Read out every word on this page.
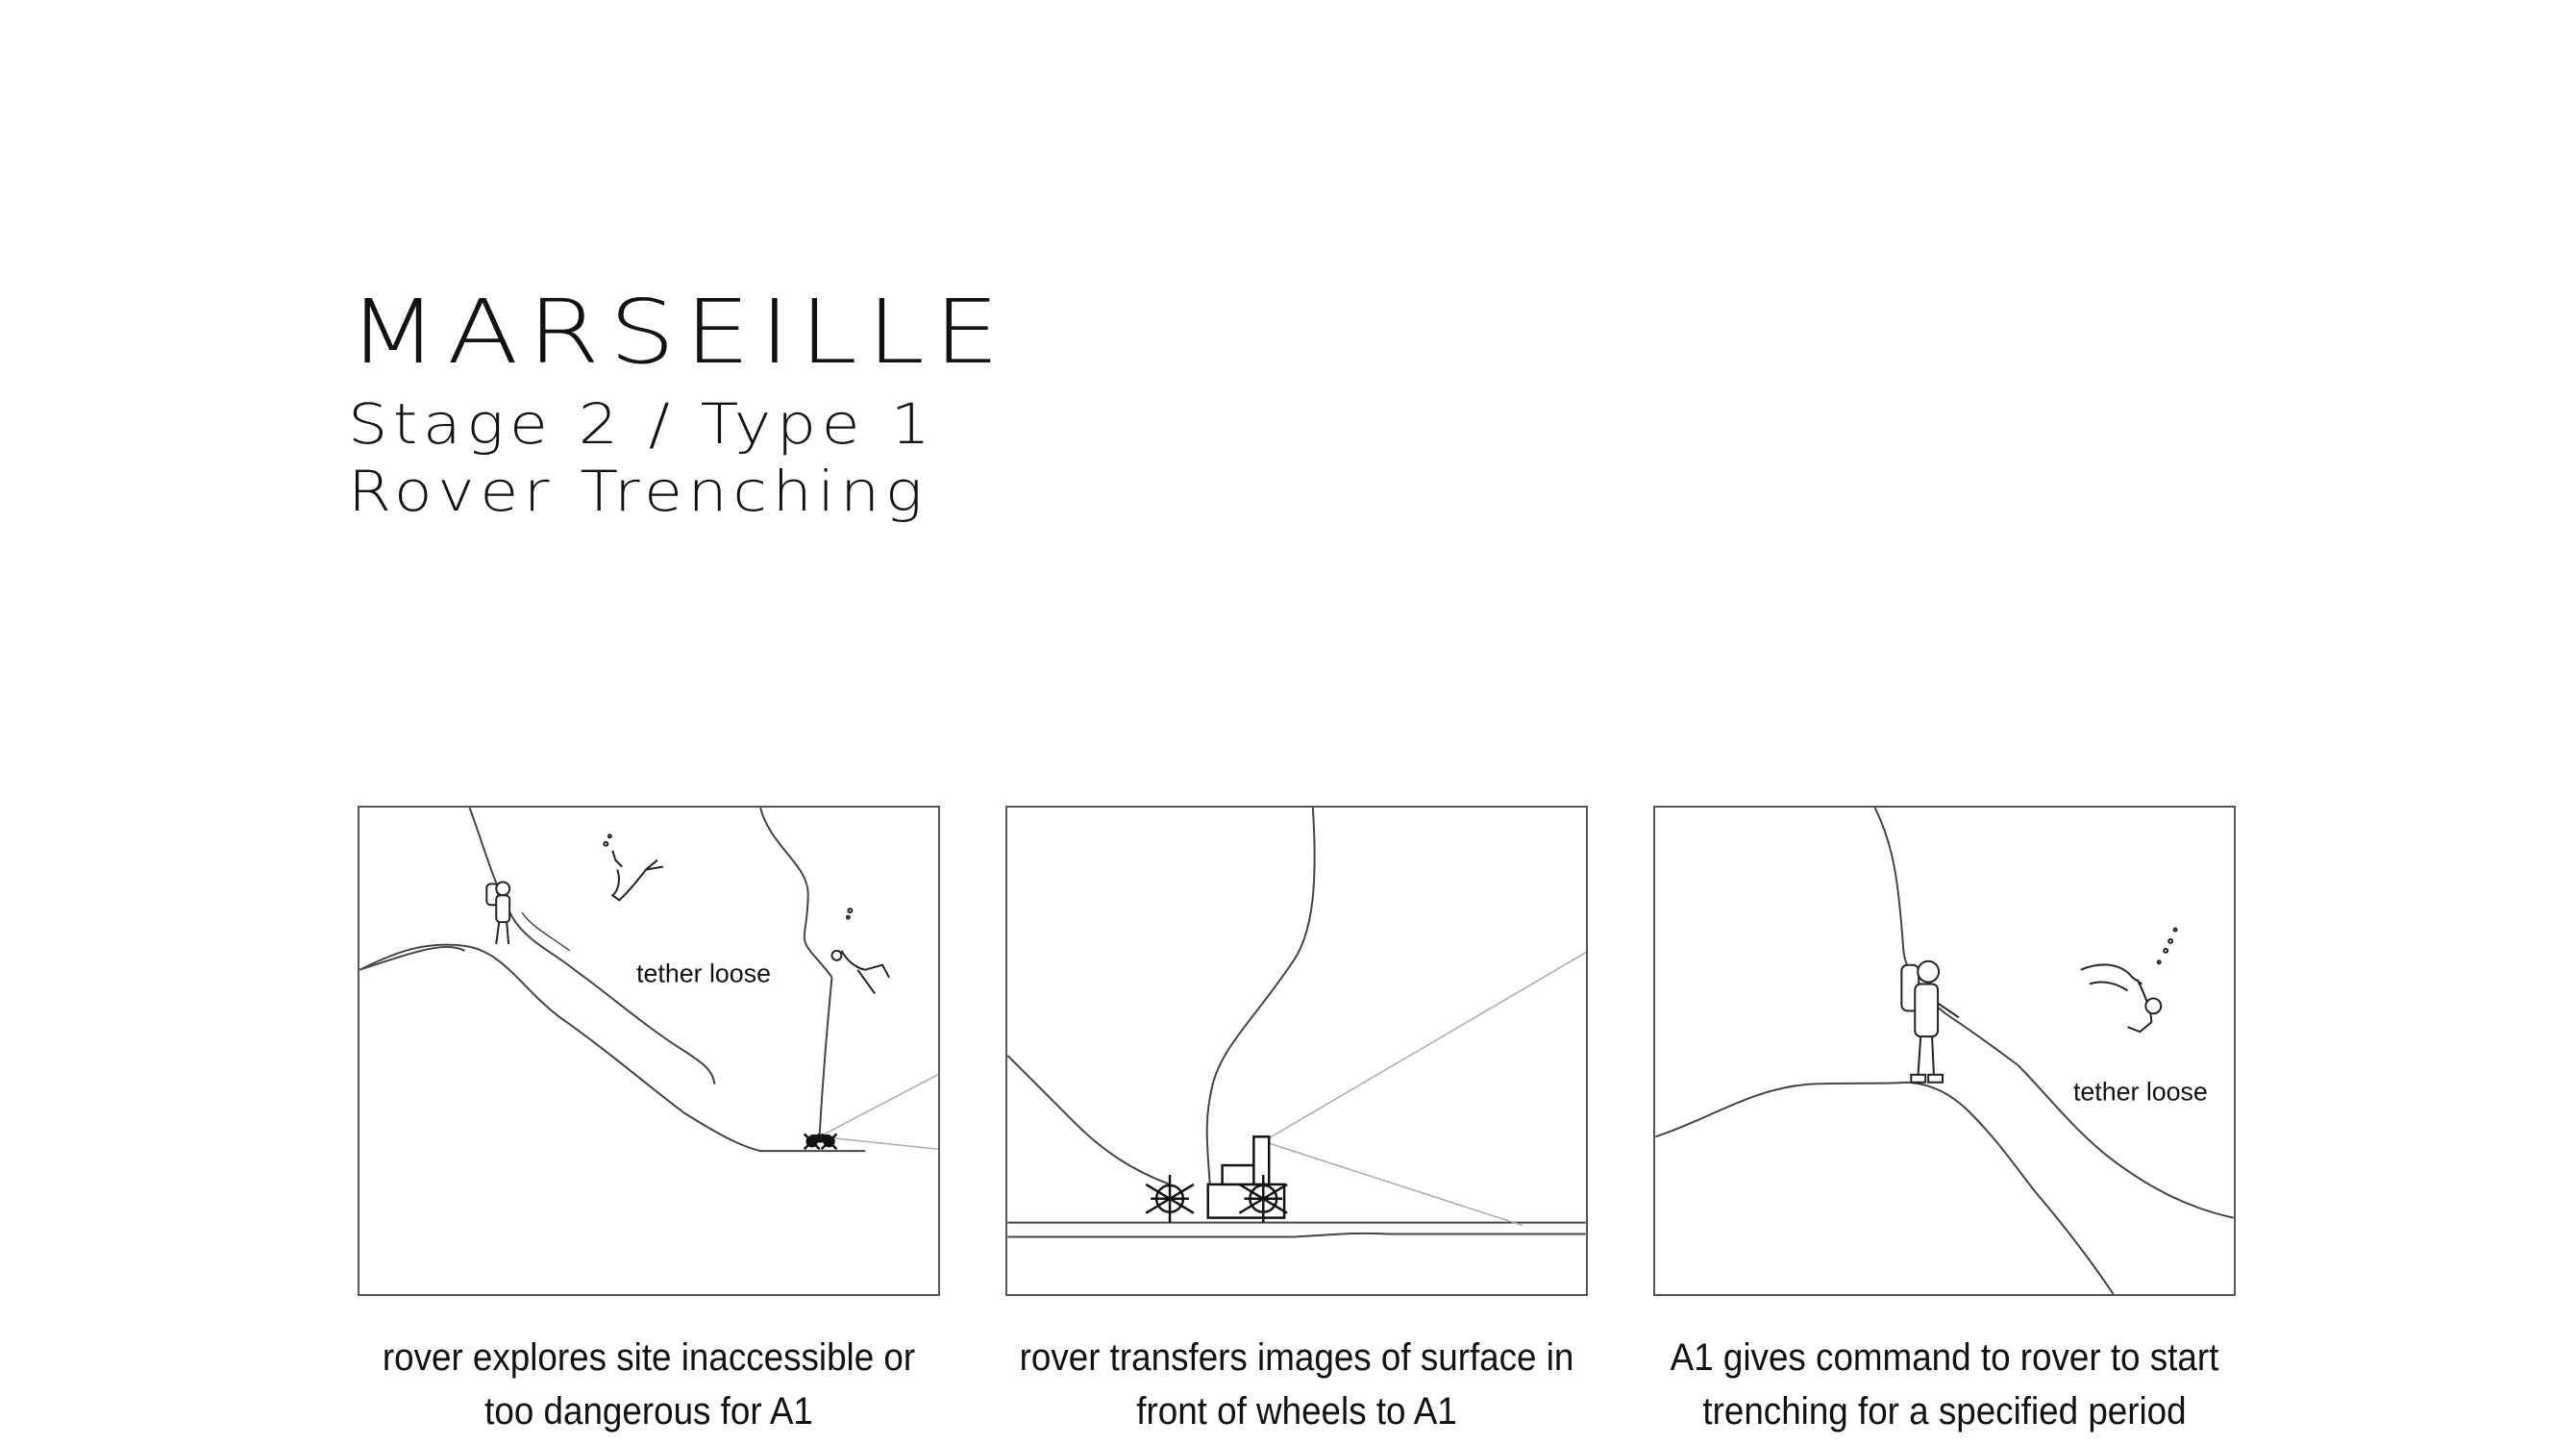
MARSEILLE
Stage 2 / Type 1
Rover Trenching
tether loose
rover explores site inaccessible or too dangerous for A1
rover transfers images of surface in front of wheels to A1
tether loose
A1 gives command to rover to start trenching for a specified period
